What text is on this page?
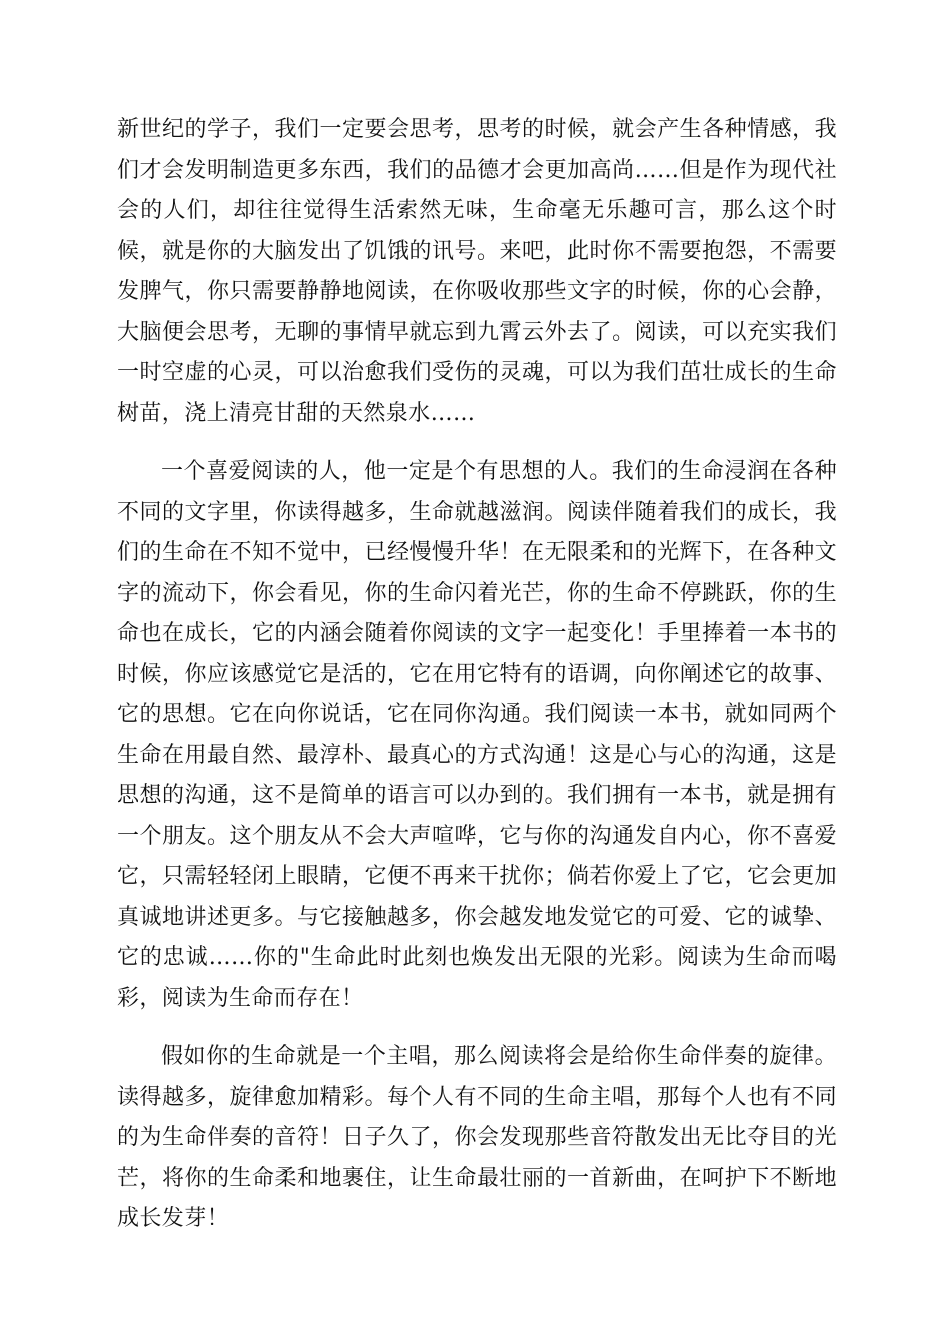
新世纪的学子，我们一定要会思考，思考的时候，就会产生各种情感，我们才会发明制造更多东西，我们的品德才会更加高尚……但是作为现代社会的人们，却往往觉得生活索然无味，生命毫无乐趣可言，那么这个时候，就是你的大脑发出了饥饿的讯号。来吧，此时你不需要抱怨，不需要发脾气，你只需要静静地阅读，在你吸收那些文字的时候，你的心会静，大脑便会思考，无聊的事情早就忘到九霄云外去了。阅读，可以充实我们一时空虚的心灵，可以治愈我们受伤的灵魂，可以为我们茁壮成长的生命树苗，浇上清亮甘甜的天然泉水……

一个喜爱阅读的人，他一定是个有思想的人。我们的生命浸润在各种不同的文字里，你读得越多，生命就越滋润。阅读伴随着我们的成长，我们的生命在不知不觉中，已经慢慢升华！在无限柔和的光辉下，在各种文字的流动下，你会看见，你的生命闪着光芒，你的生命不停跳跃，你的生命也在成长，它的内涵会随着你阅读的文字一起变化！手里捧着一本书的时候，你应该感觉它是活的，它在用它特有的语调，向你阐述它的故事、它的思想。它在向你说话，它在同你沟通。我们阅读一本书，就如同两个生命在用最自然、最淳朴、最真心的方式沟通！这是心与心的沟通，这是思想的沟通，这不是简单的语言可以办到的。我们拥有一本书，就是拥有一个朋友。这个朋友从不会大声喧哗，它与你的沟通发自内心，你不喜爱它，只需轻轻闭上眼睛，它便不再来干扰你；倘若你爱上了它，它会更加真诚地讲述更多。与它接触越多，你会越发地发觉它的可爱、它的诚挚、它的忠诚……你的"生命此时此刻也焕发出无限的光彩。阅读为生命而喝彩，阅读为生命而存在！

假如你的生命就是一个主唱，那么阅读将会是给你生命伴奏的旋律。读得越多，旋律愈加精彩。每个人有不同的生命主唱，那每个人也有不同的为生命伴奏的音符！日子久了，你会发现那些音符散发出无比夺目的光芒，将你的生命柔和地裹住，让生命最壮丽的一首新曲，在呵护下不断地成长发芽！
